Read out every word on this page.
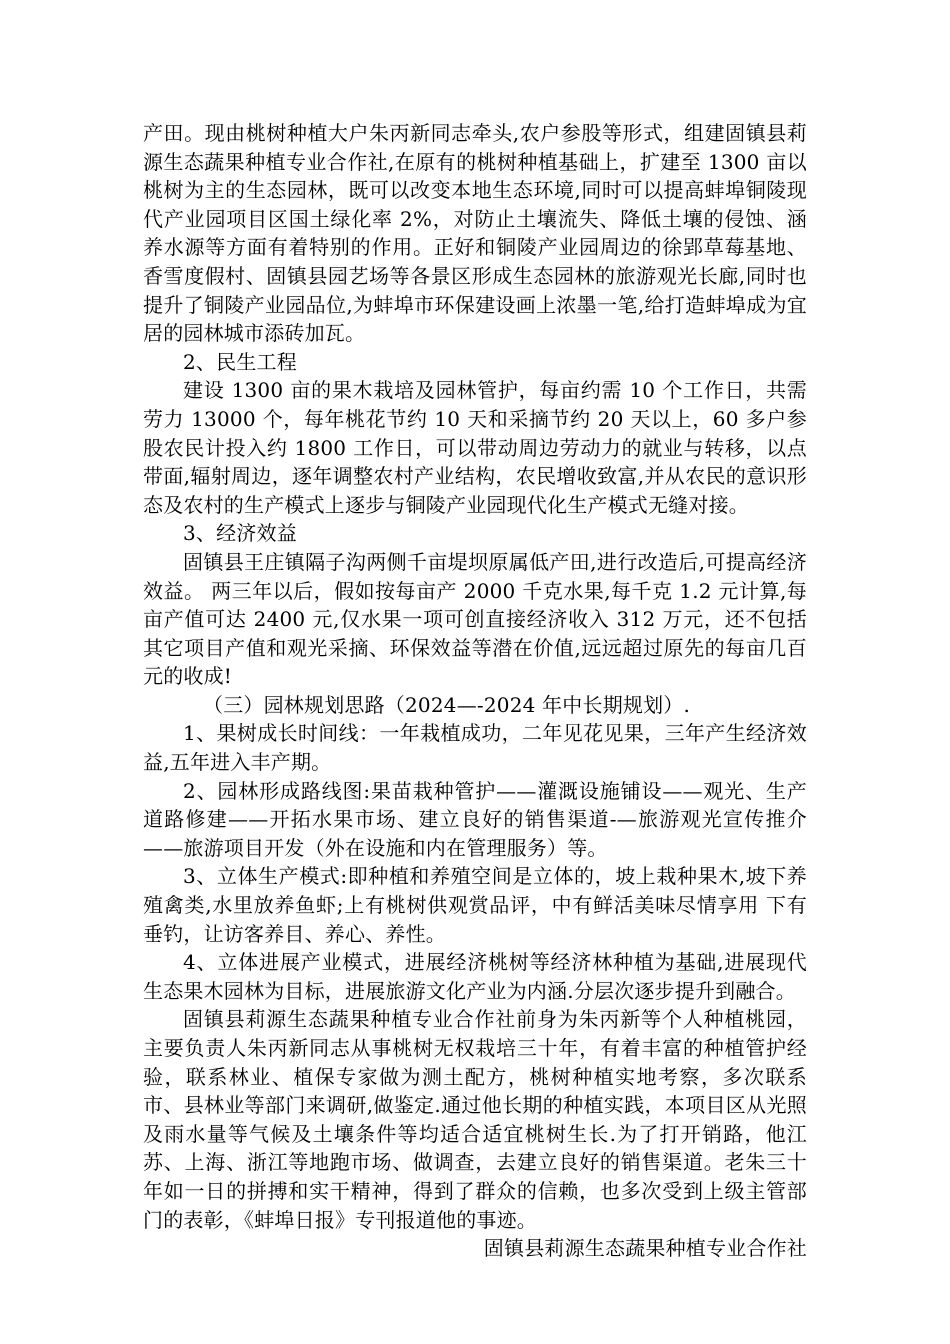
产田。现由桃树种植大户朱丙新同志牵头,农户参股等形式，组建固镇县莉源生态蔬果种植专业合作社,在原有的桃树种植基础上，扩建至 1300 亩以桃树为主的生态园林，既可以改变本地生态环境,同时可以提高蚌埠铜陵现代产业园项目区国土绿化率 2%，对防止土壤流失、降低土壤的侵蚀、涵养水源等方面有着特别的作用。正好和铜陵产业园周边的徐郢草莓基地、香雪度假村、固镇县园艺场等各景区形成生态园林的旅游观光长廊,同时也提升了铜陵产业园品位,为蚌埠市环保建设画上浓墨一笔,给打造蚌埠成为宜居的园林城市添砖加瓦。

2、民生工程

建设 1300 亩的果木栽培及园林管护，每亩约需 10 个工作日，共需劳力 13000 个，每年桃花节约 10 天和采摘节约 20 天以上，60 多户参股农民计投入约 1800 工作日，可以带动周边劳动力的就业与转移，以点带面,辐射周边，逐年调整农村产业结构，农民增收致富,并从农民的意识形态及农村的生产模式上逐步与铜陵产业园现代化生产模式无缝对接。

3、经济效益

固镇县王庄镇隔子沟两侧千亩堤坝原属低产田,进行改造后,可提高经济效益。 两三年以后，假如按每亩产 2000 千克水果,每千克 1.2 元计算,每亩产值可达 2400 元,仅水果一项可创直接经济收入 312 万元，还不包括其它项目产值和观光采摘、环保效益等潜在价值,远远超过原先的每亩几百元的收成!

（三）园林规划思路（2024—-2024 年中长期规划）.

1、果树成长时间线：一年栽植成功，二年见花见果，三年产生经济效益,五年进入丰产期。

2、园林形成路线图:果苗栽种管护——灌溉设施铺设——观光、生产道路修建——开拓水果市场、建立良好的销售渠道-—旅游观光宣传推介——旅游项目开发（外在设施和内在管理服务）等。

3、立体生产模式:即种植和养殖空间是立体的，坡上栽种果木,坡下养殖禽类,水里放养鱼虾;上有桃树供观赏品评，中有鲜活美味尽情享用 下有垂钓，让访客养目、养心、养性。

4、立体进展产业模式，进展经济桃树等经济林种植为基础,进展现代生态果木园林为目标，进展旅游文化产业为内涵.分层次逐步提升到融合。

固镇县莉源生态蔬果种植专业合作社前身为朱丙新等个人种植桃园，主要负责人朱丙新同志从事桃树无权栽培三十年，有着丰富的种植管护经验，联系林业、植保专家做为测土配方，桃树种植实地考察，多次联系市、县林业等部门来调研,做鉴定.通过他长期的种植实践，本项目区从光照及雨水量等气候及土壤条件等均适合适宜桃树生长.为了打开销路，他江苏、上海、浙江等地跑市场、做调查，去建立良好的销售渠道。老朱三十年如一日的拼搏和实干精神，得到了群众的信赖，也多次受到上级主管部门的表彰，《蚌埠日报》专刊报道他的事迹。

固镇县莉源生态蔬果种植专业合作社
